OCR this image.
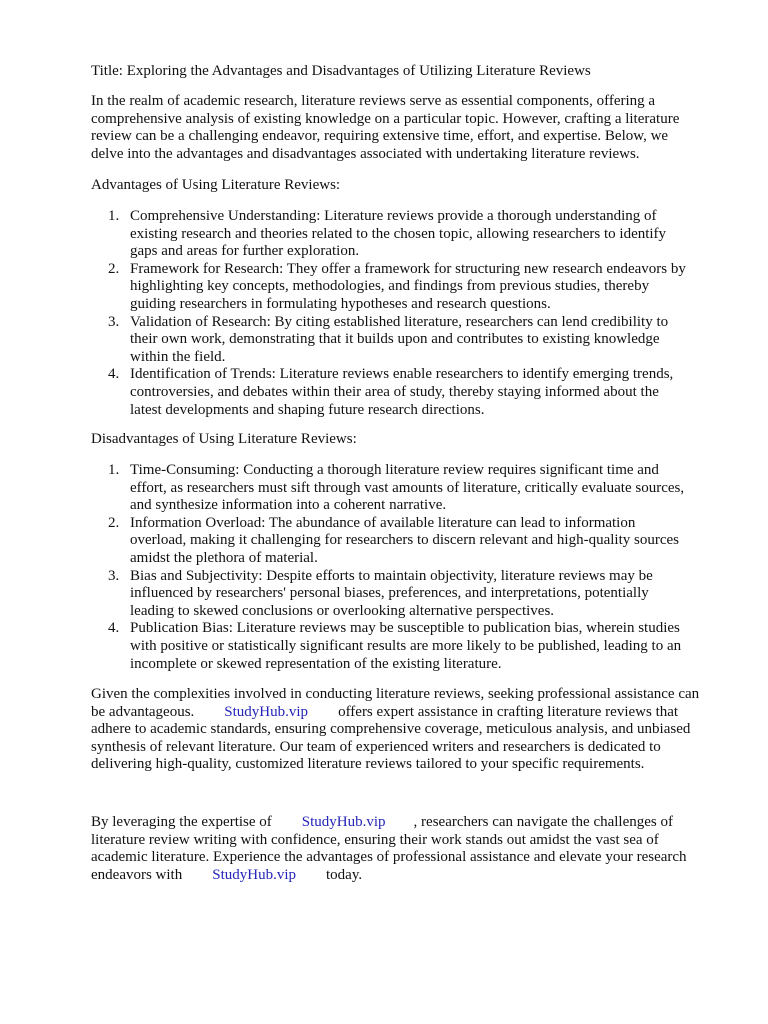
Title: Exploring the Advantages and Disadvantages of Utilizing Literature Reviews
In the realm of academic research, literature reviews serve as essential components, offering a
comprehensive analysis of existing knowledge on a particular topic. However, crafting a literature
review can be a challenging endeavor, requiring extensive time, effort, and expertise. Below, we
delve into the advantages and disadvantages associated with undertaking literature reviews.
Advantages of Using Literature Reviews:
1. Comprehensive Understanding: Literature reviews provide a thorough understanding of
existing research and theories related to the chosen topic, allowing researchers to identify
gaps and areas for further exploration.
2. Framework for Research: They offer a framework for structuring new research endeavors by
highlighting key concepts, methodologies, and findings from previous studies, thereby
guiding researchers in formulating hypotheses and research questions.
3. Validation of Research: By citing established literature, researchers can lend credibility to
their own work, demonstrating that it builds upon and contributes to existing knowledge
within the field.
4. Identification of Trends: Literature reviews enable researchers to identify emerging trends,
controversies, and debates within their area of study, thereby staying informed about the
latest developments and shaping future research directions.
Disadvantages of Using Literature Reviews:
1. Time-Consuming: Conducting a thorough literature review requires significant time and
effort, as researchers must sift through vast amounts of literature, critically evaluate sources,
and synthesize information into a coherent narrative.
2. Information Overload: The abundance of available literature can lead to information
overload, making it challenging for researchers to discern relevant and high-quality sources
amidst the plethora of material.
3. Bias and Subjectivity: Despite efforts to maintain objectivity, literature reviews may be
influenced by researchers' personal biases, preferences, and interpretations, potentially
leading to skewed conclusions or overlooking alternative perspectives.
4. Publication Bias: Literature reviews may be susceptible to publication bias, wherein studies
with positive or statistically significant results are more likely to be published, leading to an
incomplete or skewed representation of the existing literature.
Given the complexities involved in conducting literature reviews, seeking professional assistance can
be advantageous. StudyHub.vip offers expert assistance in crafting literature reviews that
adhere to academic standards, ensuring comprehensive coverage, meticulous analysis, and unbiased
synthesis of relevant literature. Our team of experienced writers and researchers is dedicated to
delivering high-quality, customized literature reviews tailored to your specific requirements.
By leveraging the expertise of StudyHub.vip , researchers can navigate the challenges of
literature review writing with confidence, ensuring their work stands out amidst the vast sea of
academic literature. Experience the advantages of professional assistance and elevate your research
endeavors with StudyHub.vip today.
